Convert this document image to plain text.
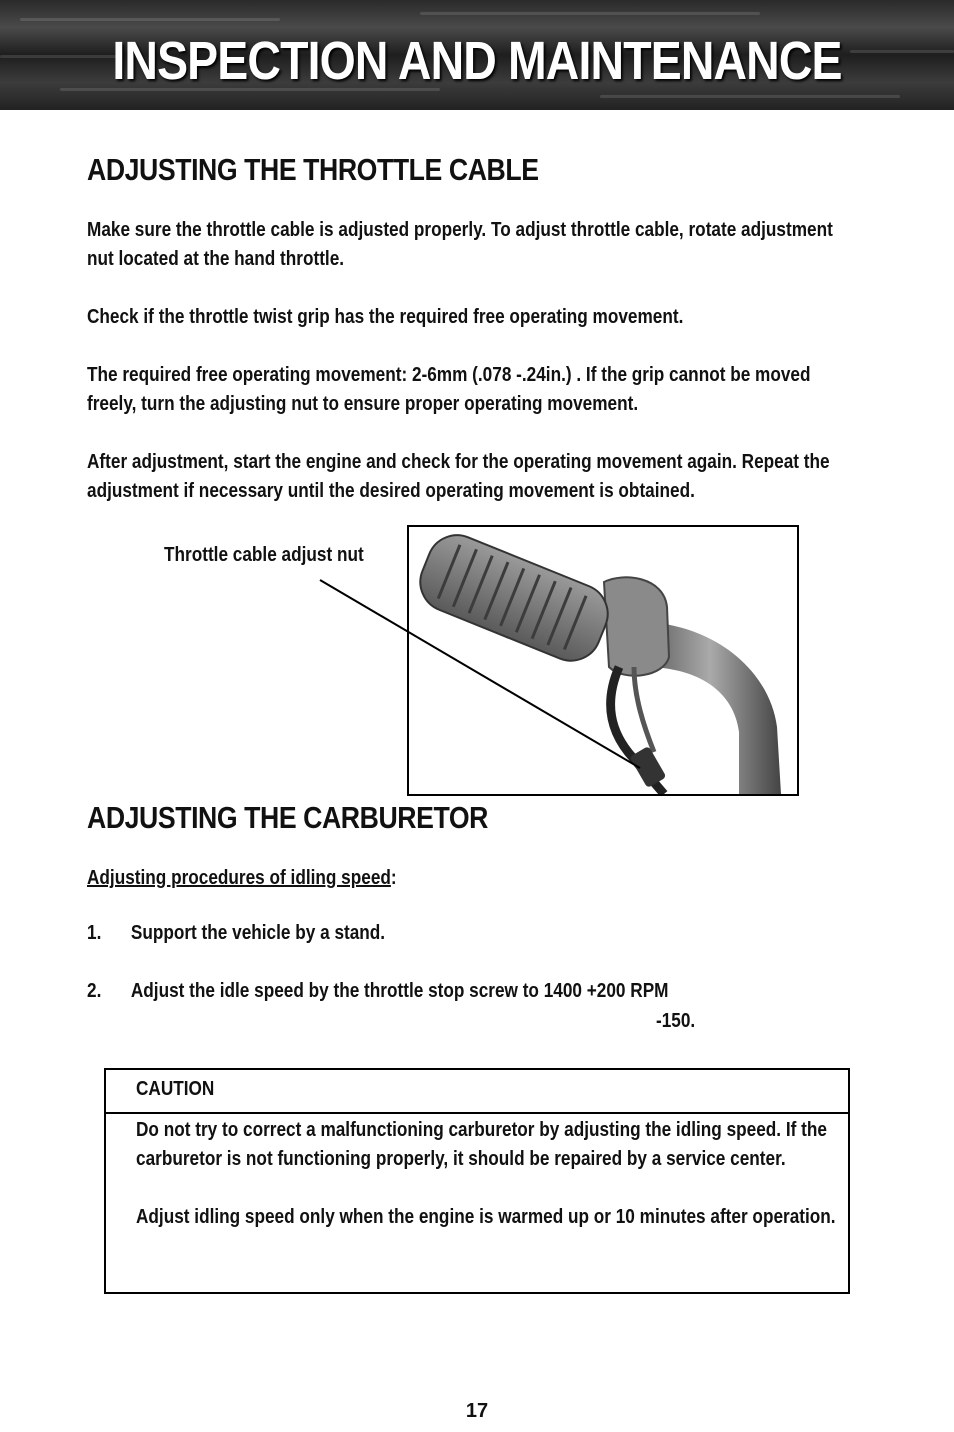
INSPECTION AND MAINTENANCE
ADJUSTING THE THROTTLE CABLE

Make sure the throttle cable is adjusted properly. To adjust throttle cable, rotate adjustment nut located at the hand throttle.

Check if the throttle twist grip has the required free operating movement.

The required free operating movement: 2-6mm (.078 -.24in.) . If the grip cannot be moved freely, turn the adjusting nut to ensure proper operating movement.

After adjustment, start the engine and check for the operating movement again. Repeat the adjustment if necessary until the desired operating movement is obtained.

Throttle cable adjust nut
ADJUSTING THE CARBURETOR

Adjusting procedures of idling speed:

1. Support the vehicle by a stand.
2. Adjust the idle speed by the throttle stop screw to 1400 +200 RPM
-150.
CAUTION

Do not try to correct a malfunctioning carburetor by adjusting the idling speed. If the carburetor is not functioning properly, it should be repaired by a service center.

Adjust idling speed only when the engine is warmed up or 10 minutes after operation.

17
